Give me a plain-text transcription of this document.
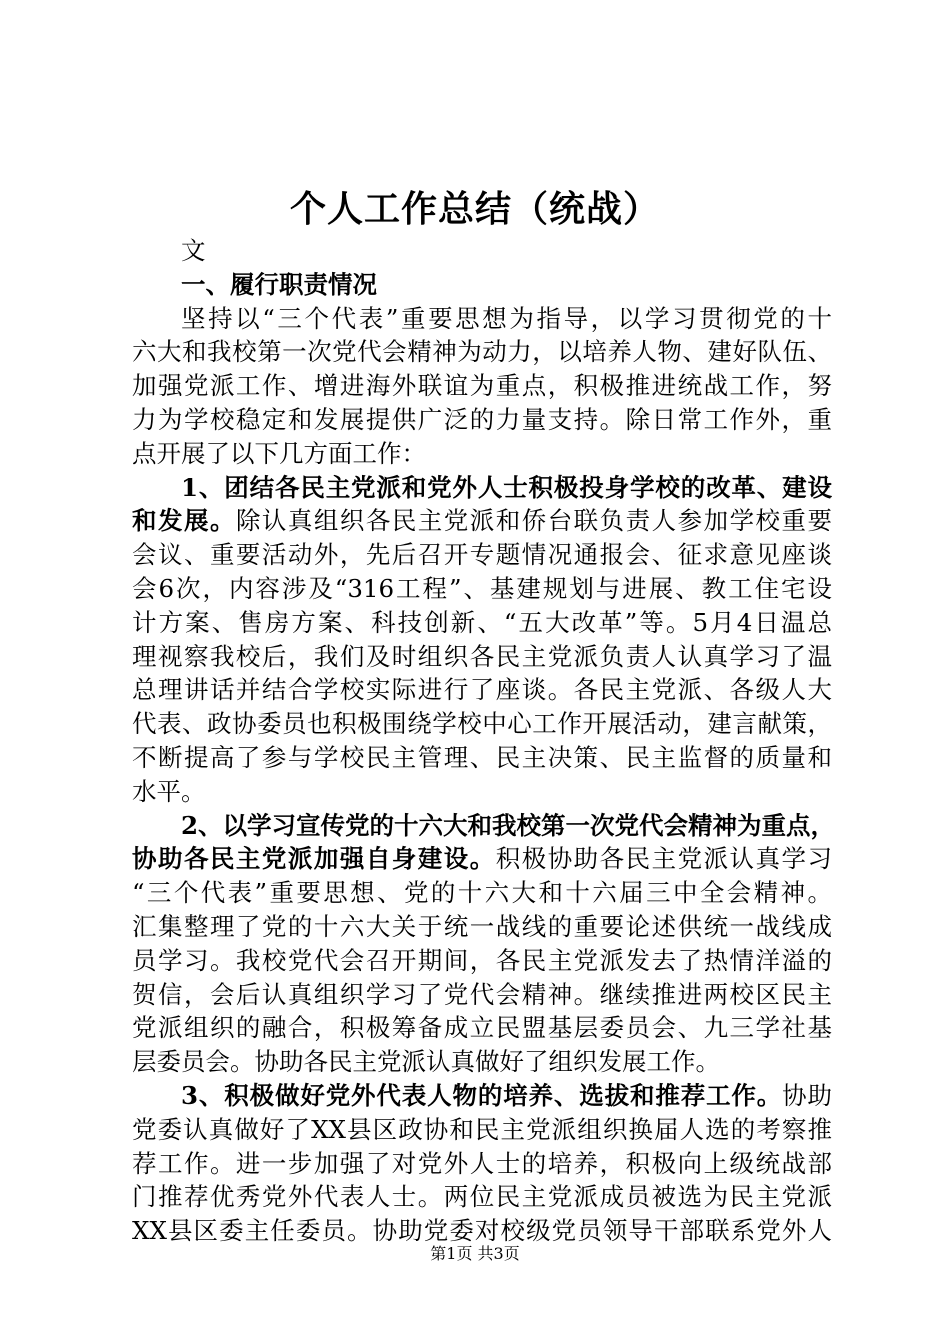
个人工作总结（统战）
文
一、履行职责情况
坚持以“三个代表”重要思想为指导，以学习贯彻党的十
六大和我校第一次党代会精神为动力，以培养人物、建好队伍、
加强党派工作、增进海外联谊为重点，积极推进统战工作，努
力为学校稳定和发展提供广泛的力量支持。除日常工作外，重
点开展了以下几方面工作：
1、团结各民主党派和党外人士积极投身学校的改革、建设
和发展。除认真组织各民主党派和侨台联负责人参加学校重要
会议、重要活动外，先后召开专题情况通报会、征求意见座谈
会6次，内容涉及“316工程”、基建规划与进展、教工住宅设
计方案、售房方案、科技创新、“五大改革”等。5月4日温总
理视察我校后，我们及时组织各民主党派负责人认真学习了温
总理讲话并结合学校实际进行了座谈。各民主党派、各级人大
代表、政协委员也积极围绕学校中心工作开展活动，建言献策，
不断提高了参与学校民主管理、民主决策、民主监督的质量和
水平。
2、以学习宣传党的十六大和我校第一次党代会精神为重点，
协助各民主党派加强自身建设。积极协助各民主党派认真学习
“三个代表”重要思想、党的十六大和十六届三中全会精神。
汇集整理了党的十六大关于统一战线的重要论述供统一战线成
员学习。我校党代会召开期间，各民主党派发去了热情洋溢的
贺信，会后认真组织学习了党代会精神。继续推进两校区民主
党派组织的融合，积极筹备成立民盟基层委员会、九三学社基
层委员会。协助各民主党派认真做好了组织发展工作。
3、积极做好党外代表人物的培养、选拔和推荐工作。协助
党委认真做好了XX县区政协和民主党派组织换届人选的考察推
荐工作。进一步加强了对党外人士的培养，积极向上级统战部
门推荐优秀党外代表人士。两位民主党派成员被选为民主党派
XX县区委主任委员。协助党委对校级党员领导干部联系党外人
第1页 共3页
